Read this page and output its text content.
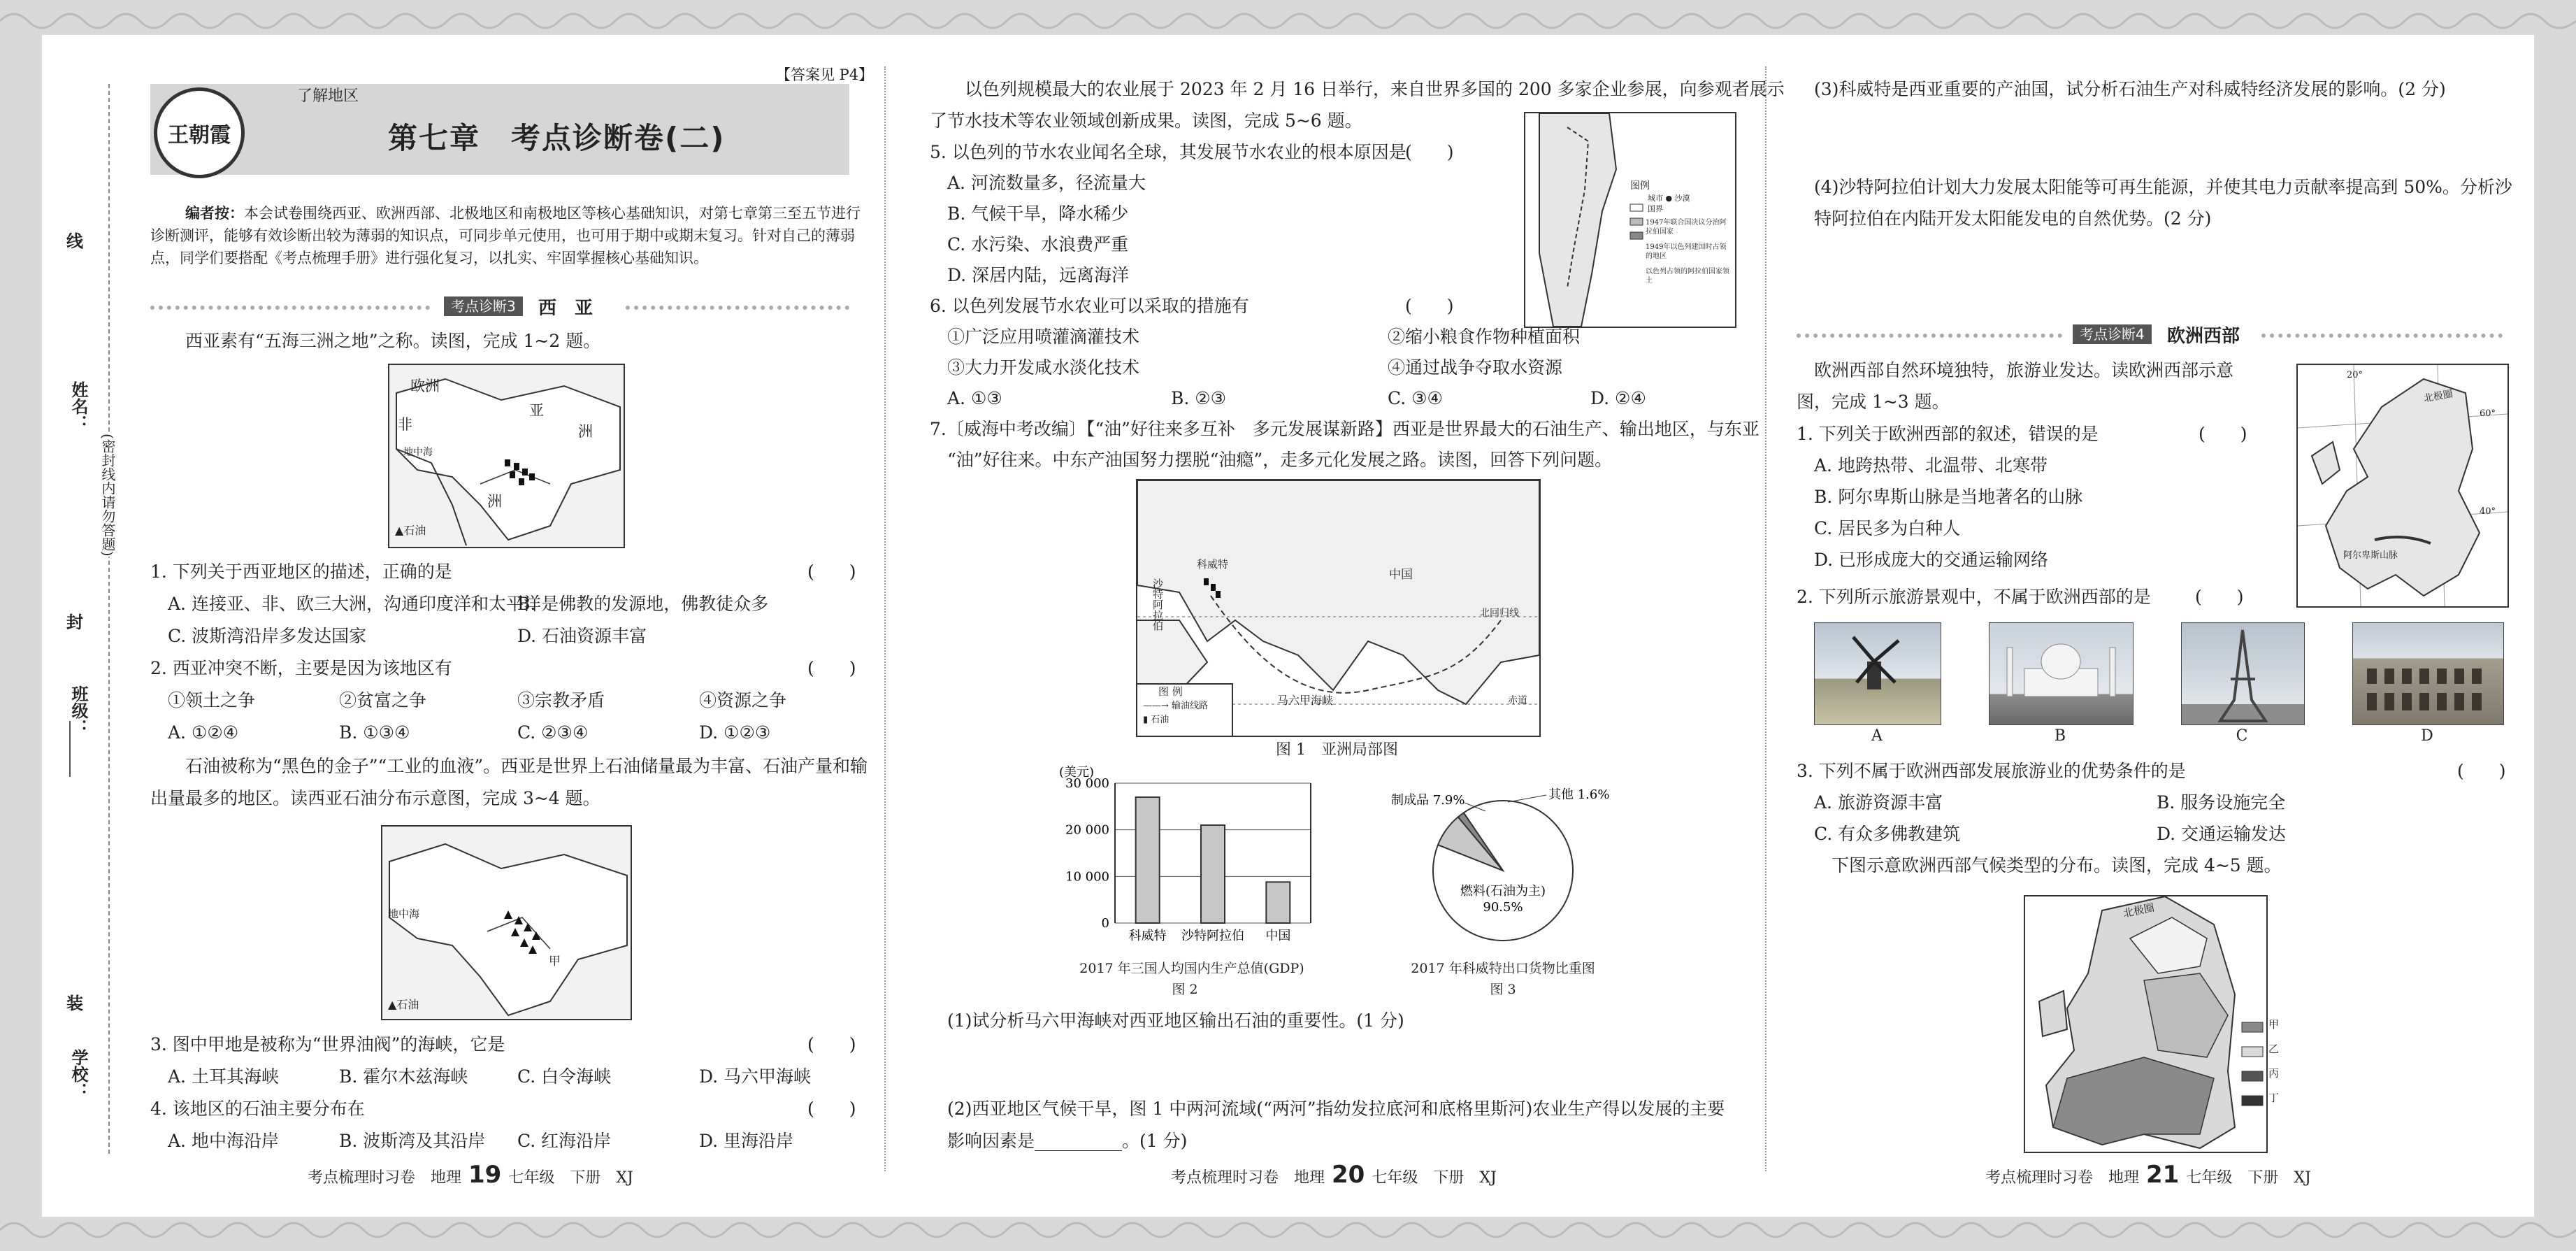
线
姓名：
(密封线内请勿答题)
封
班级：
装
学校：
了解地区
第七章　考点诊断卷(二)
【答案见 P4】
王朝霞
编者按：本会试卷围绕西亚、欧洲西部、北极地区和南极地区等核心基础知识，对第七章第三至五节进行
诊断测评，能够有效诊断出较为薄弱的知识点，可同步单元使用，也可用于期中或期末复习。针对自己的薄弱
点，同学们要搭配《考点梳理手册》进行强化复习，以扎实、牢固掌握核心基础知识。
考点诊断3	西　亚
西亚素有“五海三洲之地”之称。读图，完成 1~2 题。
欧洲
亚
洲
地中海
非
洲
▲石油
1. 下列关于西亚地区的描述，正确的是	(　　)
A. 连接亚、非、欧三大洲，沟通印度洋和太平洋
B. 是佛教的发源地，佛教徒众多
C. 波斯湾沿岸多发达国家	D. 石油资源丰富
2. 西亚冲突不断，主要是因为该地区有	(　　)
①领土之争	②贫富之争	③宗教矛盾	④资源之争
A. ①②④	B. ①③④	C. ②③④	D. ①②③
石油被称为“黑色的金子”“工业的血液”。西亚是世界上石油储量最为丰富、石油产量和输
出量最多的地区。读西亚石油分布示意图，完成 3~4 题。
地中海
甲
▲石油
3. 图中甲地是被称为“世界油阀”的海峡，它是	(　　)
A. 土耳其海峡	B. 霍尔木兹海峡	C. 白令海峡	D. 马六甲海峡
4. 该地区的石油主要分布在	(　　)
A. 地中海沿岸	B. 波斯湾及其沿岸 C. 红海沿岸	D. 里海沿岸
考点梳理时习卷　地理 19 七年级　下册　XJ
以色列规模最大的农业展于 2023 年 2 月 16 日举行，来自世界多国的 200 多家企业参展，向参观者展示
了节水技术等农业领域创新成果。读图，完成 5~6 题。
图例
城市 ● 沙漠
国界
1947年联合国决议分治阿拉伯国家
1949年以色列建国时占领的地区
以色列占领的阿拉伯国家领土
5. 以色列的节水农业闻名全球，其发展节水农业的根本原因是
(　　)
A. 河流数量多，径流量大
B. 气候干旱，降水稀少
C. 水污染、水浪费严重
D. 深居内陆，远离海洋
6. 以色列发展节水农业可以采取的措施有	(　　)
①广泛应用喷灌滴灌技术	②缩小粮食作物种植面积
③大力开发咸水淡化技术	④通过战争夺取水资源
A. ①③	B. ②③	C. ③④	D. ②④
7.〔威海中考改编〕【“油”好往来多互补　多元发展谋新路】西亚是世界最大的石油生产、输出地区，与东亚
“油”好往来。中东产油国努力摆脱“油瘾”，走多元化发展之路。读图，回答下列问题。
科威特
沙特阿拉伯
中国
北回归线
马六甲海峡	赤道
图 例
——→ 输油线路
▮ 石油
图 1　亚洲局部图
(美元)
30 000
20 000
10 000
0
科威特 沙特阿拉伯 中国
2017 年三国人均国内生产总值(GDP)
图 2
燃料(石油为主)
90.5%
制成品 7.9%	其他 1.6%
2017 年科威特出口货物比重图
图 3
(1)试分析马六甲海峡对西亚地区输出石油的重要性。(1 分)
(2)西亚地区气候干旱，图 1 中两河流域(“两河”指幼发拉底河和底格里斯河)农业生产得以发展的主要
影响因素是__________。(1 分)
考点梳理时习卷　地理 20 七年级　下册　XJ
(3)科威特是西亚重要的产油国，试分析石油生产对科威特经济发展的影响。(2 分)
(4)沙特阿拉伯计划大力发展太阳能等可再生能源，并使其电力贡献率提高到 50%。分析沙
特阿拉伯在内陆开发太阳能发电的自然优势。(2 分)
考点诊断4	欧洲西部
欧洲西部自然环境独特，旅游业发达。读欧洲西部示意
图，完成 1~3 题。	北极圈
阿尔卑斯山脉
20°
40°
60°
1. 下列关于欧洲西部的叙述，错误的是	(　　)
A. 地跨热带、北温带、北寒带
B. 阿尔卑斯山脉是当地著名的山脉
C. 居民多为白种人
D. 已形成庞大的交通运输网络
2. 下列所示旅游景观中，不属于欧洲西部的是	(　　)
A	B	C	D
3. 下列不属于欧洲西部发展旅游业的优势条件的是	(　　)
A. 旅游资源丰富	B. 服务设施完全
C. 有众多佛教建筑	D. 交通运输发达
下图示意欧洲西部气候类型的分布。读图，完成 4~5 题。
北极圈
甲
乙
丙
丁
考点梳理时习卷　地理 21 七年级　下册　XJ
